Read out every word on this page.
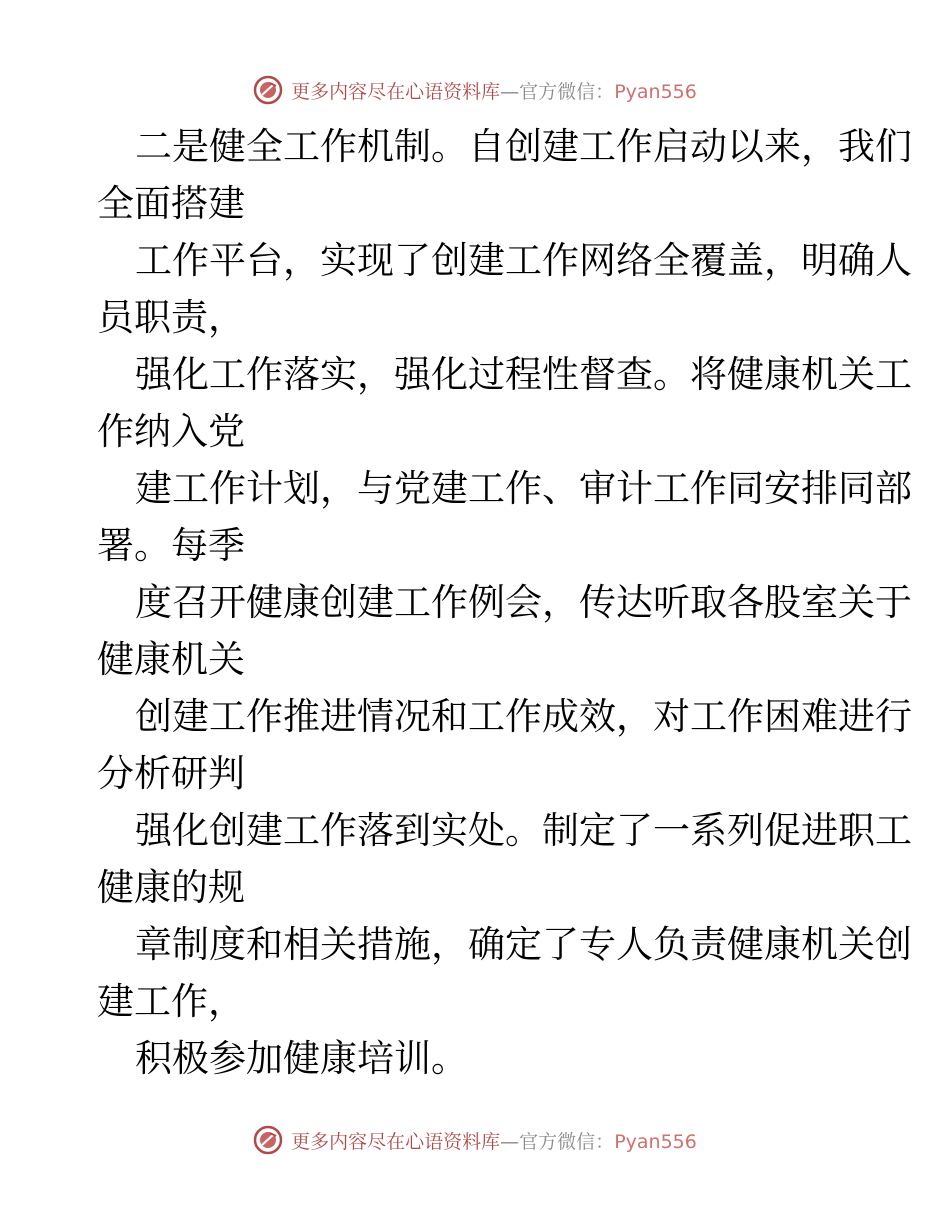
更多内容尽在心语资料库—官方微信：Pyan556
二是健全工作机制。自创建工作启动以来，我们
全面搭建
工作平台，实现了创建工作网络全覆盖，明确人
员职责，
强化工作落实，强化过程性督查。将健康机关工
作纳入党
建工作计划，与党建工作、审计工作同安排同部
署。每季
度召开健康创建工作例会，传达听取各股室关于
健康机关
创建工作推进情况和工作成效，对工作困难进行
分析研判
强化创建工作落到实处。制定了一系列促进职工
健康的规
章制度和相关措施，确定了专人负责健康机关创
建工作，
积极参加健康培训。
更多内容尽在心语资料库—官方微信：Pyan556
